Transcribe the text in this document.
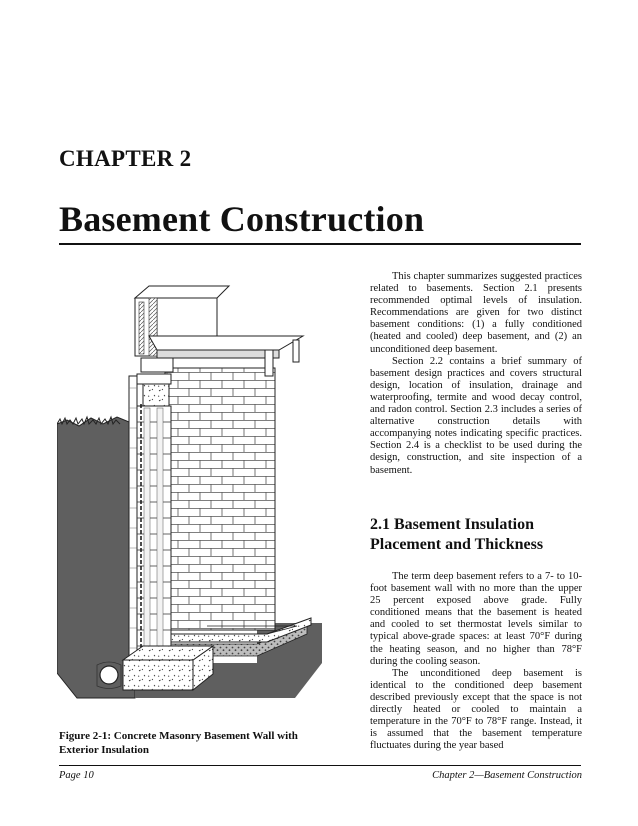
CHAPTER 2
Basement Construction

Figure 2-1: Concrete Masonry Basement Wall with Exterior Insulation

This chapter summarizes suggested practices related to basements. Section 2.1 presents recommended optimal levels of insulation. Recommendations are given for two distinct basement conditions: (1) a fully conditioned (heated and cooled) deep basement, and (2) an unconditioned deep basement.

Section 2.2 contains a brief summary of basement design practices and covers structural design, location of insulation, drainage and waterproofing, termite and wood decay control, and radon control. Section 2.3 includes a series of alternative construction details with accompanying notes indicating specific practices. Section 2.4 is a checklist to be used during the design, construction, and site inspection of a basement.

2.1 Basement Insulation Placement and Thickness

The term deep basement refers to a 7- to 10-foot basement wall with no more than the upper 25 percent exposed above grade. Fully conditioned means that the basement is heated and cooled to set thermostat levels similar to typical above-grade spaces: at least 70°F during the heating season, and no higher than 78°F during the cooling season.

The unconditioned deep basement is identical to the conditioned deep basement described previously except that the space is not directly heated or cooled to maintain a temperature in the 70°F to 78°F range. Instead, it is assumed that the basement temperature fluctuates during the year based

Page 10	Chapter 2—Basement Construction
